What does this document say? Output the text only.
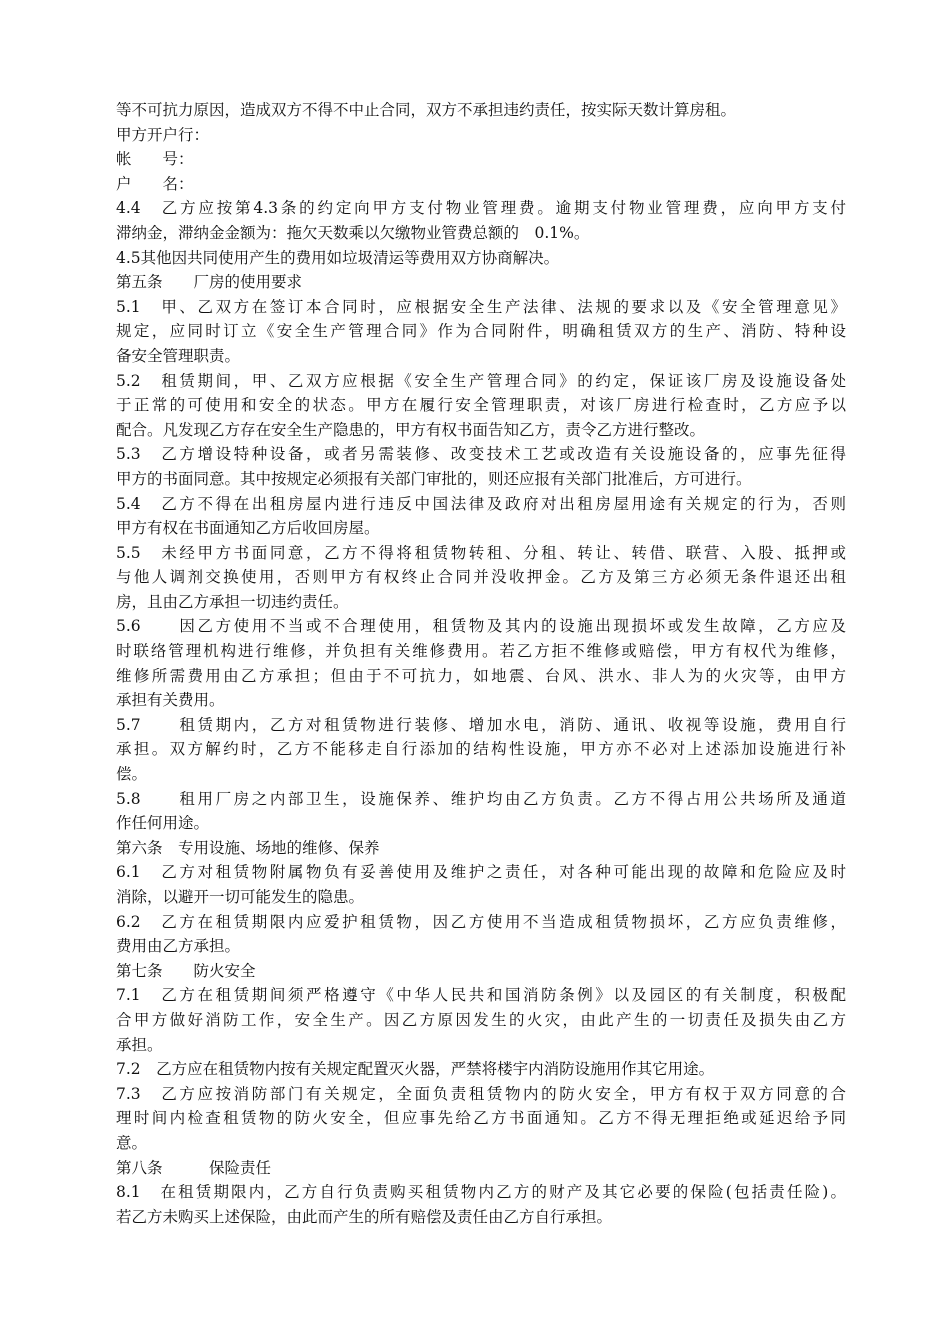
等不可抗力原因，造成双方不得不中止合同，双方不承担违约责任，按实际天数计算房租。
甲方开户行：
帐　　号：
户　　名：
4.4　乙方应按第4.3条的约定向甲方支付物业管理费。逾期支付物业管理费，应向甲方支付
滞纳金，滞纳金金额为：拖欠天数乘以欠缴物业管费总额的　0.1%。
4.5其他因共同使用产生的费用如垃圾清运等费用双方协商解决。
第五条　　厂房的使用要求
5.1　甲、乙双方在签订本合同时，应根据安全生产法律、法规的要求以及《安全管理意见》
规定，应同时订立《安全生产管理合同》作为合同附件，明确租赁双方的生产、消防、特种设
备安全管理职责。
5.2　租赁期间，甲、乙双方应根据《安全生产管理合同》的约定，保证该厂房及设施设备处
于正常的可使用和安全的状态。甲方在履行安全管理职责，对该厂房进行检查时，乙方应予以
配合。凡发现乙方存在安全生产隐患的，甲方有权书面告知乙方，责令乙方进行整改。
5.3　乙方增设特种设备，或者另需装修、改变技术工艺或改造有关设施设备的，应事先征得
甲方的书面同意。其中按规定必须报有关部门审批的，则还应报有关部门批准后，方可进行。
5.4　乙方不得在出租房屋内进行违反中国法律及政府对出租房屋用途有关规定的行为，否则
甲方有权在书面通知乙方后收回房屋。
5.5　未经甲方书面同意，乙方不得将租赁物转租、分租、转让、转借、联营、入股、抵押或
与他人调剂交换使用，否则甲方有权终止合同并没收押金。乙方及第三方必须无条件退还出租
房，且由乙方承担一切违约责任。
5.6　　因乙方使用不当或不合理使用，租赁物及其内的设施出现损坏或发生故障，乙方应及
时联络管理机构进行维修，并负担有关维修费用。若乙方拒不维修或赔偿，甲方有权代为维修，
维修所需费用由乙方承担；但由于不可抗力，如地震、台风、洪水、非人为的火灾等，由甲方
承担有关费用。
5.7　　租赁期内，乙方对租赁物进行装修、增加水电，消防、通讯、收视等设施，费用自行
承担。双方解约时，乙方不能移走自行添加的结构性设施，甲方亦不必对上述添加设施进行补
偿。
5.8　　租用厂房之内部卫生，设施保养、维护均由乙方负责。乙方不得占用公共场所及通道
作任何用途。
第六条　专用设施、场地的维修、保养
6.1　乙方对租赁物附属物负有妥善使用及维护之责任，对各种可能出现的故障和危险应及时
消除，以避开一切可能发生的隐患。
6.2　乙方在租赁期限内应爱护租赁物，因乙方使用不当造成租赁物损坏，乙方应负责维修，
费用由乙方承担。
第七条　　防火安全
7.1　乙方在租赁期间须严格遵守《中华人民共和国消防条例》以及园区的有关制度，积极配
合甲方做好消防工作，安全生产。因乙方原因发生的火灾，由此产生的一切责任及损失由乙方
承担。
7.2　乙方应在租赁物内按有关规定配置灭火器，严禁将楼宇内消防设施用作其它用途。
7.3　乙方应按消防部门有关规定，全面负责租赁物内的防火安全，甲方有权于双方同意的合
理时间内检查租赁物的防火安全，但应事先给乙方书面通知。乙方不得无理拒绝或延迟给予同
意。
第八条　　　保险责任
8.1　在租赁期限内，乙方自行负责购买租赁物内乙方的财产及其它必要的保险(包括责任险)。
若乙方未购买上述保险，由此而产生的所有赔偿及责任由乙方自行承担。
